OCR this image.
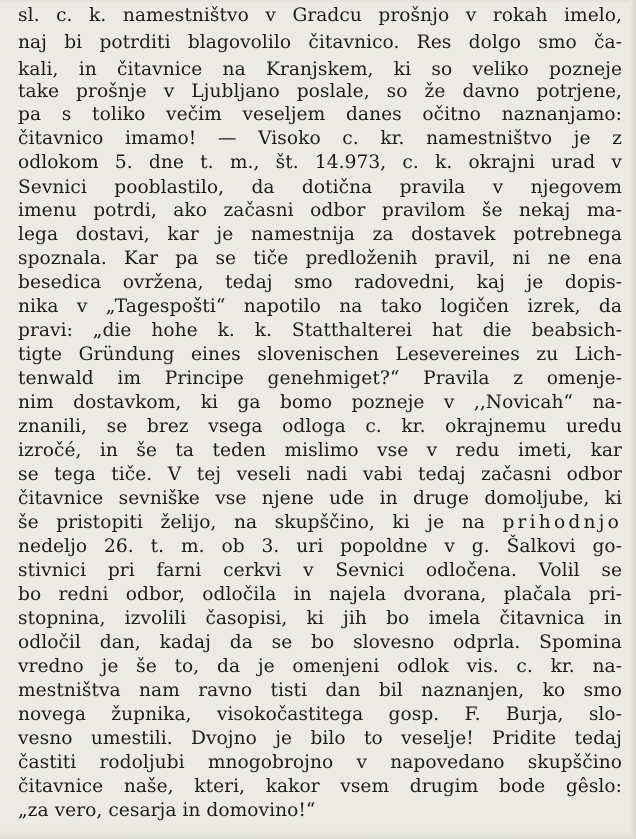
sl. c. k. namestništvo v Gradcu prošnjo v rokah imelo,
naj bi potrditi blagovolilo čitavnico. Res dolgo smo ča-
kali, in čitavnice na Kranjskem, ki so veliko pozneje
take prošnje v Ljubljano poslale, so že davno potrjene,
pa s toliko večim veseljem danes očitno naznanjamo:
čitavnico imamo! — Visoko c. kr. namestništvo je z
odlokom 5. dne t. m., št. 14.973, c. k. okrajni urad v
Sevnici pooblastilo, da dotična pravila v njegovem
imenu potrdi, ako začasni odbor pravilom še nekaj ma-
lega dostavi, kar je namestnija za dostavek potrebnega
spoznala. Kar pa se tiče predloženih pravil, ni ne ena
besedica ovržena, tedaj smo radovedni, kaj je dopis-
nika v „Tagespošti“ napotilo na tako logičen izrek, da
pravi: „die hohe k. k. Statthalterei hat die beabsich-
tigte Gründung eines slovenischen Lesevereines zu Lich-
tenwald im Principe genehmiget?“ Pravila z omenje-
nim dostavkom, ki ga bomo pozneje v ,,Novicah“ na-
znanili, se brez vsega odloga c. kr. okrajnemu uredu
izročé, in še ta teden mislimo vse v redu imeti, kar
se tega tiče. V tej veseli nadi vabi tedaj začasni odbor
čitavnice sevniške vse njene ude in druge domoljube, ki
še pristopiti želijo, na skupščino, ki je na prihodnjo
nedeljo 26. t. m. ob 3. uri popoldne v g. Šalkovi go-
stivnici pri farni cerkvi v Sevnici odločena. Volil se
bo redni odbor, odločila in najela dvorana, plačala pri-
stopnina, izvolili časopisi, ki jih bo imela čitavnica in
odločil dan, kadaj da se bo slovesno odprla. Spomina
vredno je še to, da je omenjeni odlok vis. c. kr. na-
mestništva nam ravno tisti dan bil naznanjen, ko smo
novega župnika, visokočastitega gosp. F. Burja, slo-
vesno umestili. Dvojno je bilo to veselje! Pridite tedaj
častiti rodoljubi mnogobrojno v napovedano skupščino
čitavnice naše, kteri, kakor vsem drugim bode gêslo:
„za vero, cesarja in domovino!“
